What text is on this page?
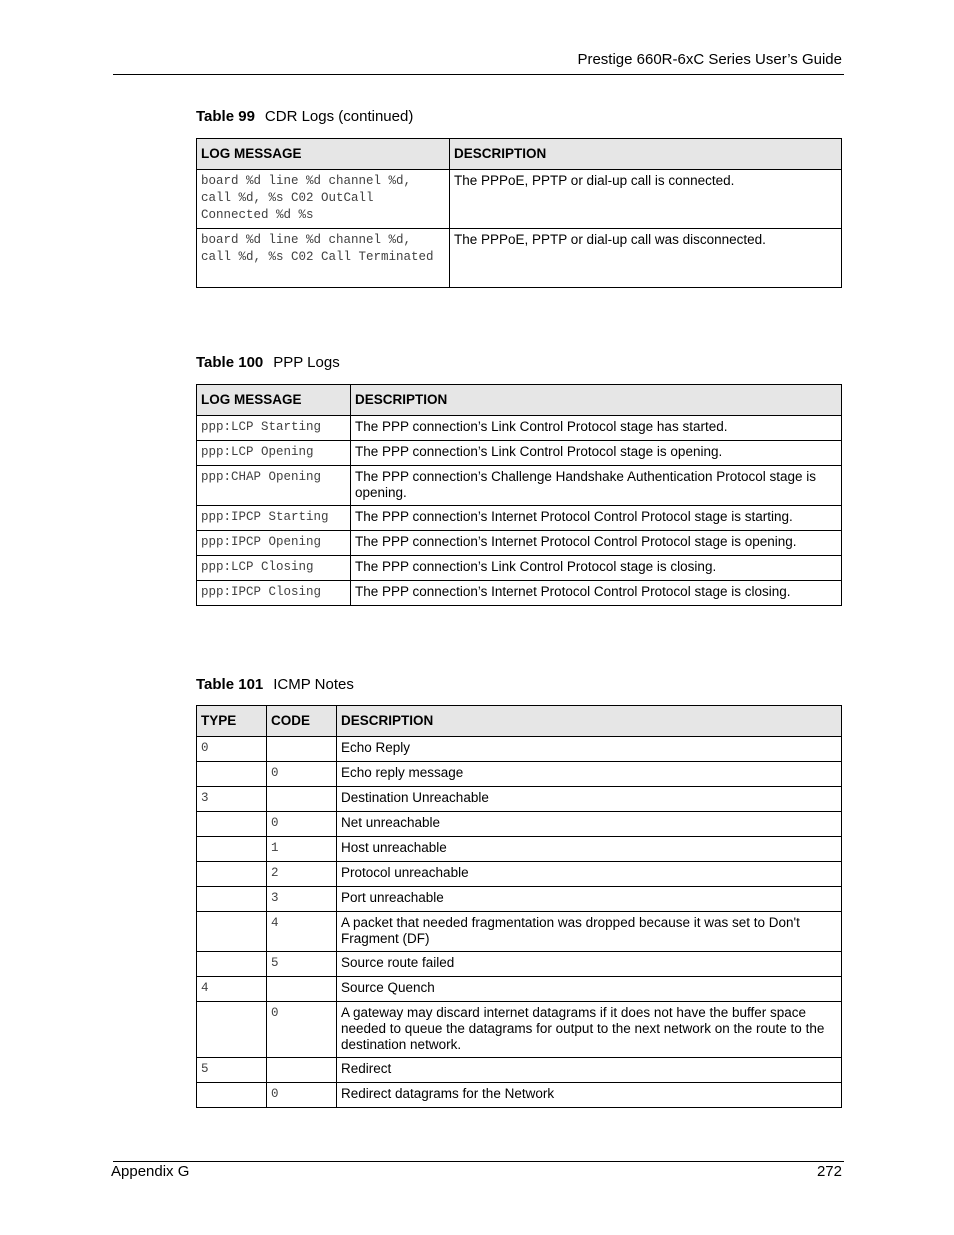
Prestige 660R-6xC Series User’s Guide
Table 99 CDR Logs (continued)
LOG MESSAGE	DESCRIPTION
board %d line %d channel %d, call %d, %s C02 OutCall Connected %d %s	The PPPoE, PPTP or dial-up call is connected.
board %d line %d channel %d, call %d, %s C02 Call Terminated	The PPPoE, PPTP or dial-up call was disconnected.
Table 100 PPP Logs
LOG MESSAGE	DESCRIPTION
ppp:LCP Starting	The PPP connection’s Link Control Protocol stage has started.
ppp:LCP Opening	The PPP connection’s Link Control Protocol stage is opening.
ppp:CHAP Opening	The PPP connection’s Challenge Handshake Authentication Protocol stage is opening.
ppp:IPCP Starting	The PPP connection’s Internet Protocol Control Protocol stage is starting.
ppp:IPCP Opening	The PPP connection’s Internet Protocol Control Protocol stage is opening.
ppp:LCP Closing	The PPP connection’s Link Control Protocol stage is closing.
ppp:IPCP Closing	The PPP connection’s Internet Protocol Control Protocol stage is closing.
Table 101 ICMP Notes
TYPE	CODE	DESCRIPTION
0		Echo Reply
	0	Echo reply message
3		Destination Unreachable
	0	Net unreachable
	1	Host unreachable
	2	Protocol unreachable
	3	Port unreachable
	4	A packet that needed fragmentation was dropped because it was set to Don't Fragment (DF)
	5	Source route failed
4		Source Quench
	0	A gateway may discard internet datagrams if it does not have the buffer space needed to queue the datagrams for output to the next network on the route to the destination network.
5		Redirect
	0	Redirect datagrams for the Network
Appendix G	272
